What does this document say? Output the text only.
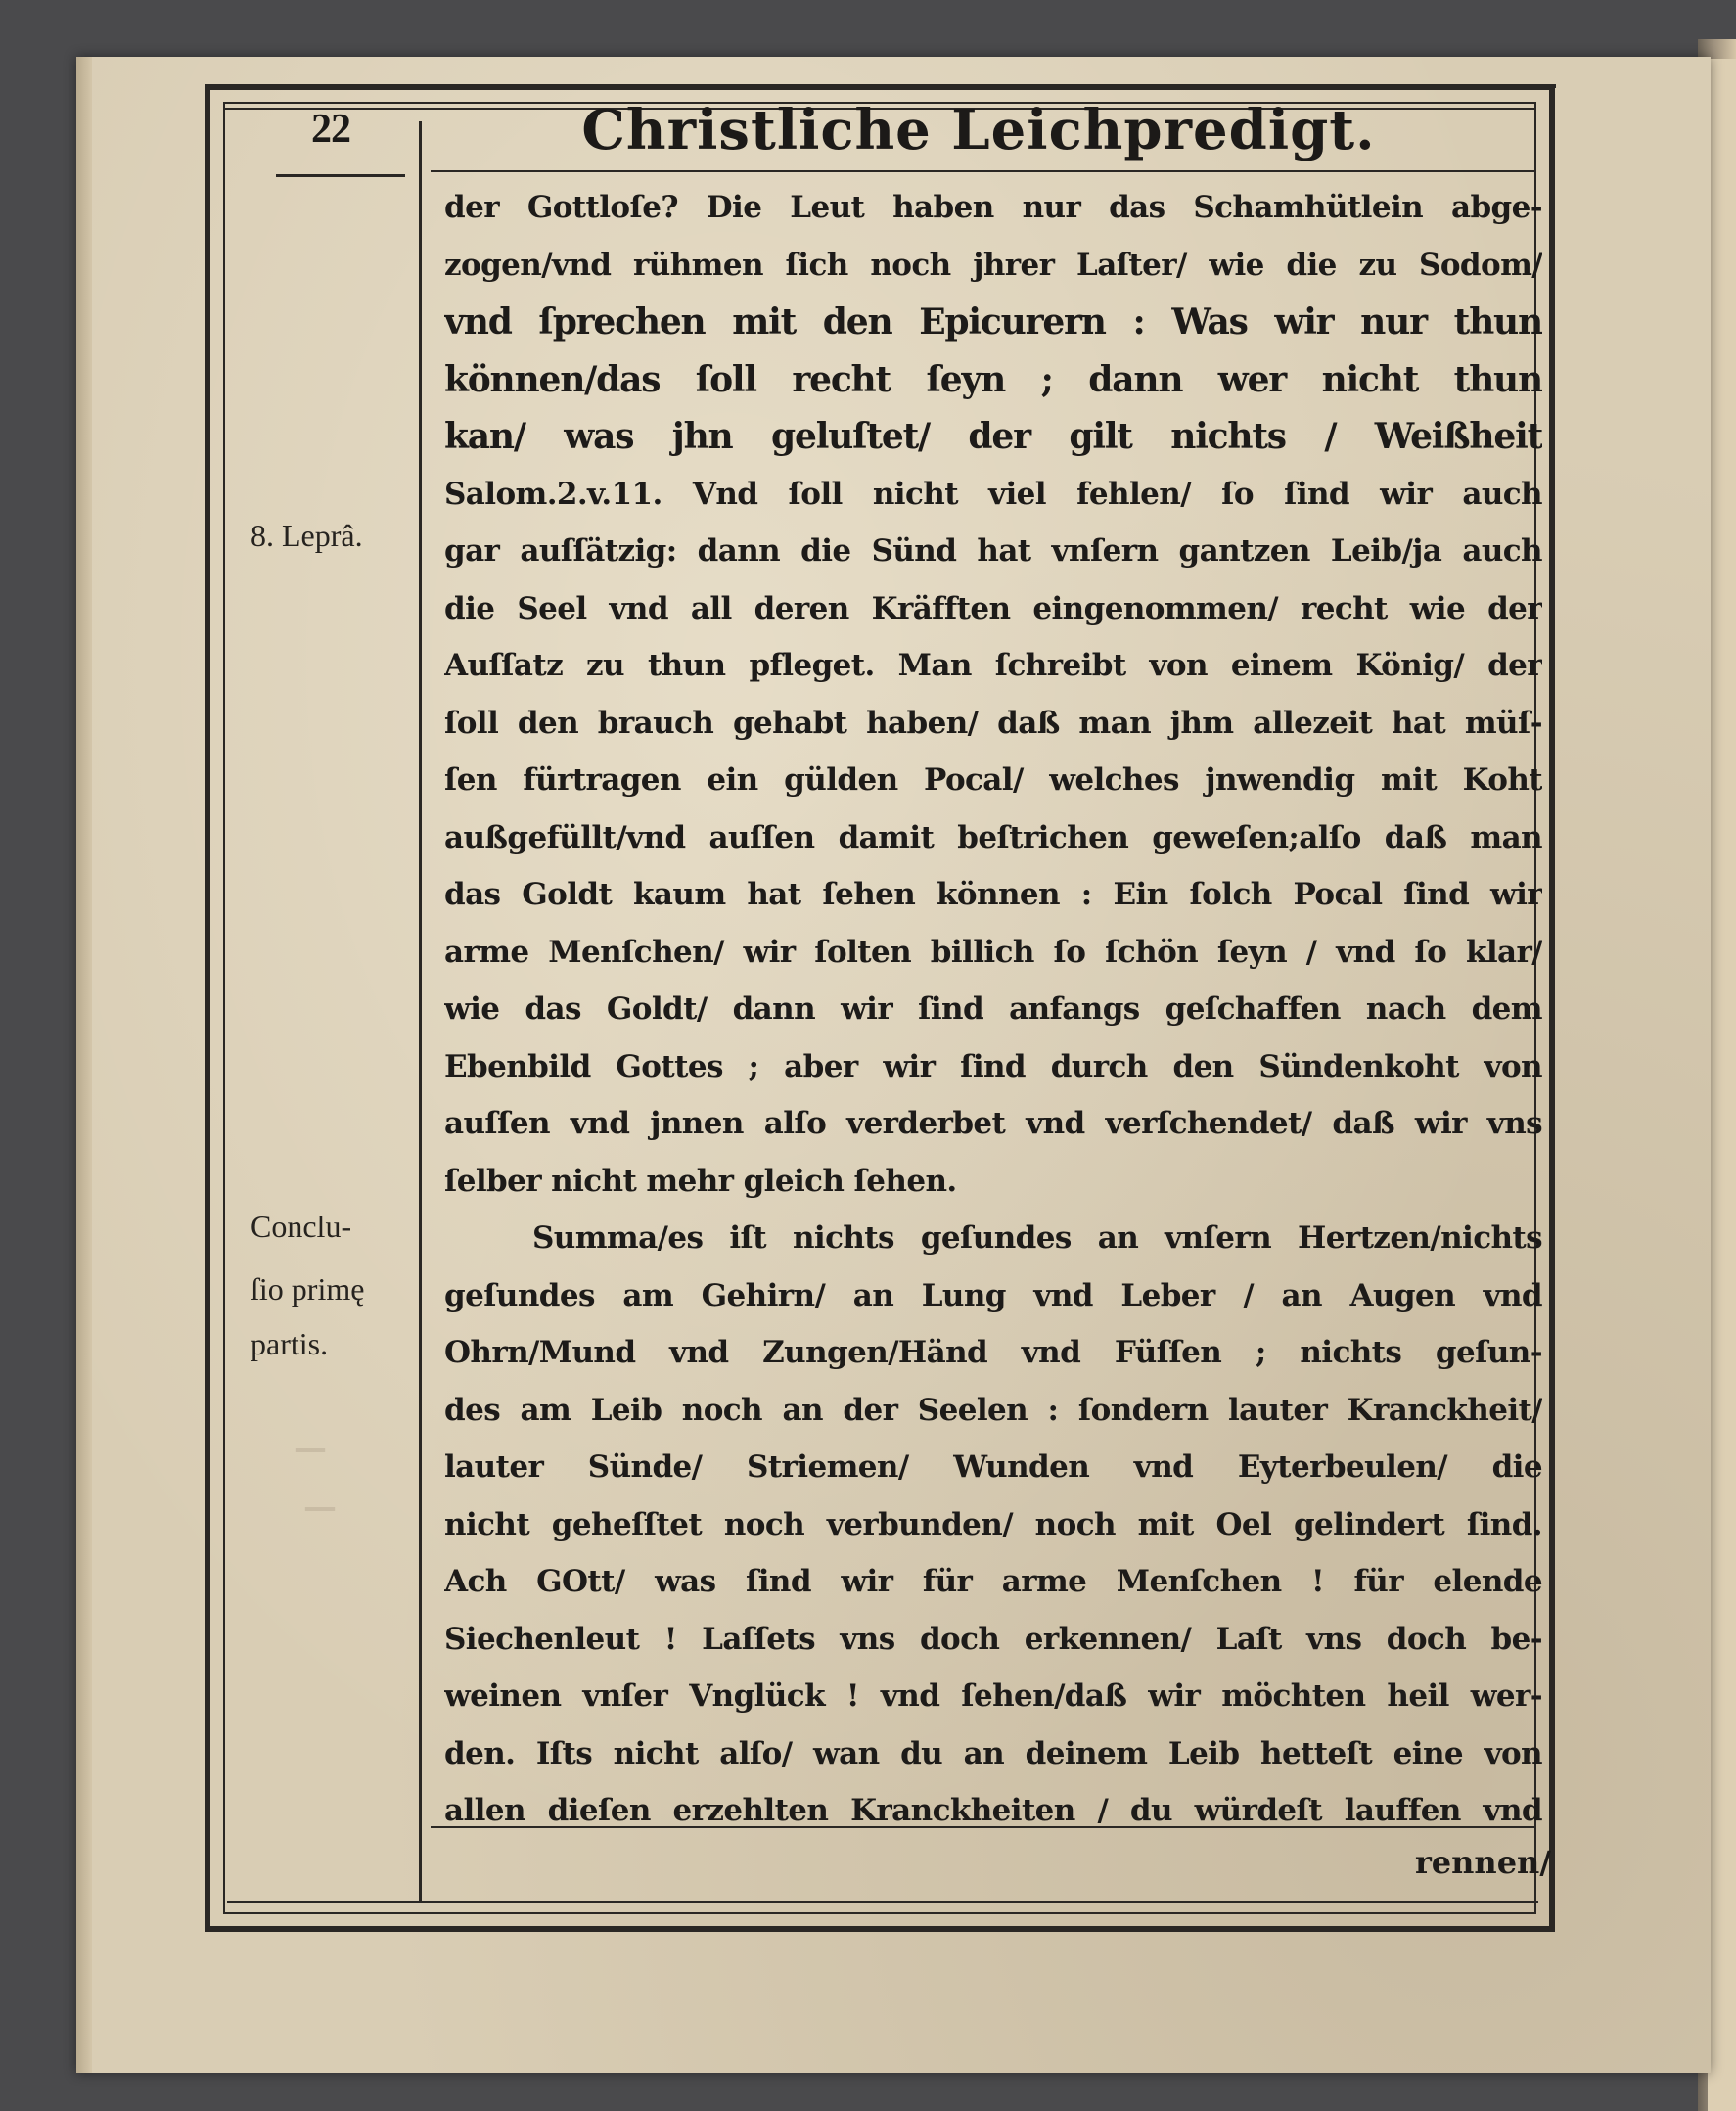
—
—
22	Christliche Leichpredigt.
8. Leprâ.
Conclu-
ſio primę
partis.
der Gottloſe? Die Leut haben nur das Schamhütlein abge-
zogen/vnd rühmen ſich noch jhrer Laſter/ wie die zu Sodom/
vnd ſprechen mit den Epicurern : Was wir nur thun
können/das ſoll recht ſeyn ; dann wer nicht thun
kan/ was jhn geluſtet/ der gilt nichts / Weißheit
Salom.2.v.11. Vnd ſoll nicht viel fehlen/ ſo ſind wir auch
gar auſſätzig: dann die Sünd hat vnſern gantzen Leib/ja auch
die Seel vnd all deren Kräfften eingenommen/ recht wie der
Auſſatz zu thun pfleget. Man ſchreibt von einem König/ der
ſoll den brauch gehabt haben/ daß man jhm allezeit hat müſ-
ſen fürtragen ein gülden Pocal/ welches jnwendig mit Koht
außgefüllt/vnd auſſen damit beſtrichen geweſen;alſo daß man
das Goldt kaum hat ſehen können : Ein ſolch Pocal ſind wir
arme Menſchen/ wir ſolten billich ſo ſchön ſeyn / vnd ſo klar/
wie das Goldt/ dann wir ſind anfangs geſchaffen nach dem
Ebenbild Gottes ; aber wir ſind durch den Sündenkoht von
auſſen vnd jnnen alſo verderbet vnd verſchendet/ daß wir vns
ſelber nicht mehr gleich ſehen.
Summa/es iſt nichts geſundes an vnſern Hertzen/nichts
geſundes am Gehirn/ an Lung vnd Leber / an Augen vnd
Ohrn/Mund vnd Zungen/Händ vnd Füſſen ; nichts geſun-
des am Leib noch an der Seelen : ſondern lauter Kranckheit/
lauter Sünde/ Striemen/ Wunden vnd Eyterbeulen/ die
nicht geheſſtet noch verbunden/ noch mit Oel gelindert ſind.
Ach GOtt/ was ſind wir für arme Menſchen ! für elende
Siechenleut ! Laſſets vns doch erkennen/ Laſt vns doch be-
weinen vnſer Vnglück ! vnd ſehen/daß wir möchten heil wer-
den. Iſts nicht alſo/ wan du an deinem Leib hetteſt eine von
allen dieſen erzehlten Kranckheiten / du würdeſt lauffen vnd
rennen/
